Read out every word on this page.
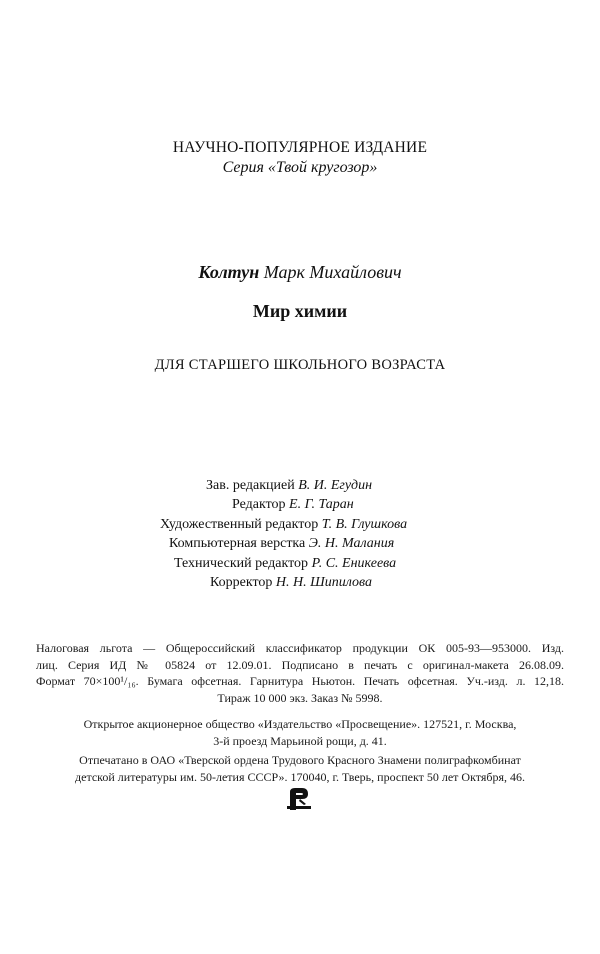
НАУЧНО-ПОПУЛЯРНОЕ ИЗДАНИЕ
Серия «Твой кругозор»
Колтун Марк Михайлович
Мир химии
ДЛЯ СТАРШЕГО ШКОЛЬНОГО ВОЗРАСТА
Зав. редакцией В. И. Егудин
Редактор Е. Г. Таран
Художественный редактор Т. В. Глушкова
Компьютерная верстка Э. Н. Малания
Технический редактор Р. С. Еникеева
Корректор Н. Н. Шипилова
Налоговая льгота — Общероссийский классификатор продукции ОК 005-93—953000. Изд.
лиц. Серия ИД № 05824 от 12.09.01. Подписано в печать с оригинал-макета 26.08.09.
Формат 70×100¹/₁₆. Бумага офсетная. Гарнитура Ньютон. Печать офсетная. Уч.-изд. л. 12,18.
Тираж 10 000 экз. Заказ № 5998.
Открытое акционерное общество «Издательство «Просвещение». 127521, г. Москва,
3-й проезд Марьиной рощи, д. 41.
Отпечатано в ОАО «Тверской ордена Трудового Красного Знамени полиграфкомбинат
детской литературы им. 50-летия СССР». 170040, г. Тверь, проспект 50 лет Октября, 46.
